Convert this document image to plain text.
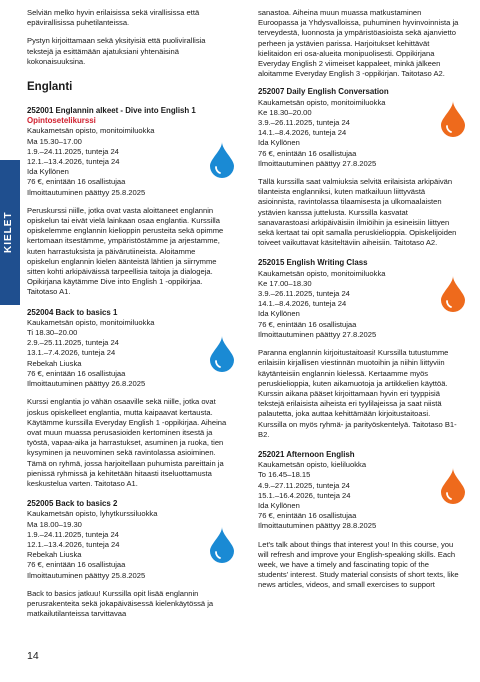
KIELET

Selviän melko hyvin erilaisissa sekä virallisissa että epävirallisissa puhetilanteissa.

Pystyn kirjoittamaan sekä yksityisiä että puolivirallisia tekstejä ja esittämään ajatuksiani yhtenäisinä kokonaisuuksina.

Englanti
252001 Englannin alkeet - Dive into English 1 Opintosetelikurssi
Kaukametsän opisto, monitoimiluokka
Ma 15.30–17.00
1.9.–24.11.2025, tunteja 24
12.1.–13.4.2026, tunteja 24
Ida Kyllönen
76 €, enintään 16 osallistujaa
Ilmoittautuminen päättyy 25.8.2025

Peruskurssi niille, jotka ovat vasta aloittaneet englannin opiskelun tai eivät vielä lainkaan osaa englantia. Kurssilla opiskelemme englannin kielioppin perusteita sekä opimme kertomaan itsestämme, ympäristöstämme ja arjestamme, kuten harrastuksista ja päivärutiineista. Aloitamme opiskelun englannin kielen äänteistä lähtien ja siirrymme sitten kohti arkipäiväissä tarpeellisia taitoja ja dialogeja. Opikirjana käytämme Dive into English 1 -oppikirjaa. Taitotaso A1.

252004 Back to basics 1
Kaukametsän opisto, monitoimiluokka
Ti 18.30–20.00
2.9.–25.11.2025, tunteja 24
13.1.–7.4.2026, tunteja 24
Rebekah Liuska
76 €, enintään 16 osallistujaa
Ilmoittautuminen päättyy 26.8.2025

Kurssi englantia jo vähän osaaville sekä niille, jotka ovat joskus opiskelleet englantia, mutta kaipaavat kertausta. Käytämme kurssilla Everyday English 1 -oppikirjaa. Aiheina ovat muun muassa perusasioiden kertominen itsestä ja työstä, vapaa-aika ja harrastukset, asuminen ja ruoka, tien kysyminen ja neuvominen sekä ravintolassa asioiminen. Tämä on ryhmä, jossa harjoitellaan puhumista pareittain ja pienissä ryhmissä ja kehitetään hitaasti itseluottamusta keskustelua varten. Taitotaso A1.

252005 Back to basics 2
Kaukametsän opisto, lyhytkurssiluokka
Ma 18.00–19.30
1.9.–24.11.2025, tunteja 24
12.1.–13.4.2026, tunteja 24
Rebekah Liuska
76 €, enintään 16 osallistujaa
Ilmoittautuminen päättyy 25.8.2025

Back to basics jatkuu! Kurssilla opit lisää englannin perusrakenteita sekä jokapäiväisessä kielenkäytössä ja matkailutilanteissa tarvittavaa

sanastoa. Aiheina muun muassa matkustaminen Euroopassa ja Yhdysvalloissa, puhuminen hyvinvoinnista ja terveydestä, luonnosta ja ympäristöasioista sekä ajanvietto perheen ja ystävien parissa. Harjoitukset kehittävät kielitaidon eri osa-alueita monipuolisesti. Oppikirjana Everyday English 2 viimeiset kappaleet, minkä jälkeen aloitamme Everyday English 3 -oppikirjan. Taitotaso A2.

252007 Daily English Conversation
Kaukametsän opisto, monitoimiluokka
Ke 18.30–20.00
3.9.–26.11.2025, tunteja 24
14.1.–8.4.2026, tunteja 24
Ida Kyllönen
76 €, enintään 16 osallistujaa
Ilmoittautuminen päättyy 27.8.2025

Tällä kurssilla saat valmiuksia selvitä erilaisista arkipäivän tilanteista englanniksi, kuten matkailuun liittyvästä asioinnista, ravintolassa tilaamisesta ja ulkomaalaisten ystävien kanssa juttelusta. Kurssilla kasvatat sanavarastoasi arkipäiväisiin ilmiöihin ja esineisiin liittyen sekä kertaat tai opit samalla peruskielioppia. Opiskelijoiden toiveet vaikuttavat käsiteltäviin aiheisiin. Taitotaso A2.

252015 English Writing Class
Kaukametsän opisto, monitoimiluokka
Ke 17.00–18.30
3.9.–26.11.2025, tunteja 24
14.1.–8.4.2026, tunteja 24
Ida Kyllönen
76 €, enintään 16 osallistujaa
Ilmoittautuminen päättyy 27.8.2025

Paranna englannin kirjoitustaitoasi! Kurssilla tutustumme erilaisiin kirjallisen viestinnän muotoihin ja niihin liittyviin käytänteisiin englannin kielessä. Kertaamme myös peruskielioppia, kuten aikamuotoja ja artikkelien käyttöä. Kurssin aikana pääset kirjoittamaan hyvin eri tyyppisiä tekstejä erilaisista aiheista eri tyylilajeissa ja saat niistä palautetta, joka auttaa kehittämään kirjoitustaitoasi. Kurssilla on myös ryhmä- ja parityöskentelyä. Taitotaso B1-B2.

252021 Afternoon English
Kaukametsän opisto, kieliluokka
To 16.45–18.15
4.9.–27.11.2025, tunteja 24
15.1.–16.4.2026, tunteja 24
Ida Kyllönen
76 €, enintään 16 osallistujaa
Ilmoittautuminen päättyy 28.8.2025

Let's talk about things that interest you! In this course, you will refresh and improve your English-speaking skills. Each week, we have a timely and fascinating topic of the students' interest. Study material consists of short texts, like news articles, videos, and small exercises to support

14
